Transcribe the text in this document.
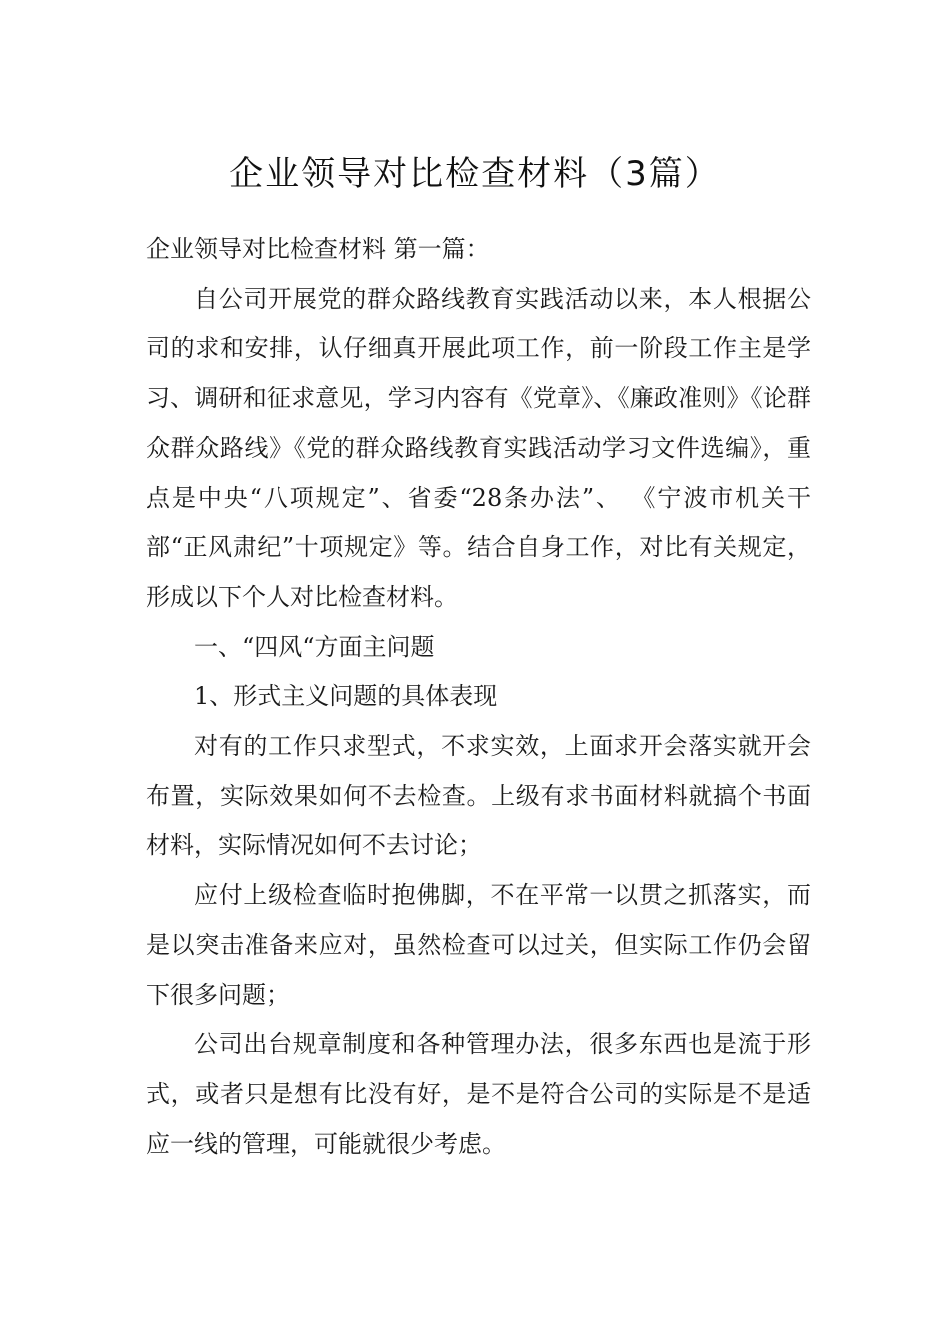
企业领导对比检查材料（3篇）

企业领导对比检查材料 第一篇：

自公司开展党的群众路线教育实践活动以来，本人根据公司的求和安排，认仔细真开展此项工作，前一阶段工作主是学习、调研和征求意见，学习内容有《党章》、《廉政准则》《论群众群众路线》《党的群众路线教育实践活动学习文件选编》，重点是中央“八项规定”、省委“28条办法”、 《宁波市机关干部“正风肃纪”十项规定》等。结合自身工作，对比有关规定，形成以下个人对比检查材料。

一、“四风“方面主问题

1、形式主义问题的具体表现

对有的工作只求型式，不求实效，上面求开会落实就开会布置，实际效果如何不去检查。上级有求书面材料就搞个书面材料，实际情况如何不去讨论；

应付上级检查临时抱佛脚，不在平常一以贯之抓落实，而是以突击准备来应对，虽然检查可以过关，但实际工作仍会留下很多问题；

公司出台规章制度和各种管理办法，很多东西也是流于形式，或者只是想有比没有好，是不是符合公司的实际是不是适应一线的管理，可能就很少考虑。
